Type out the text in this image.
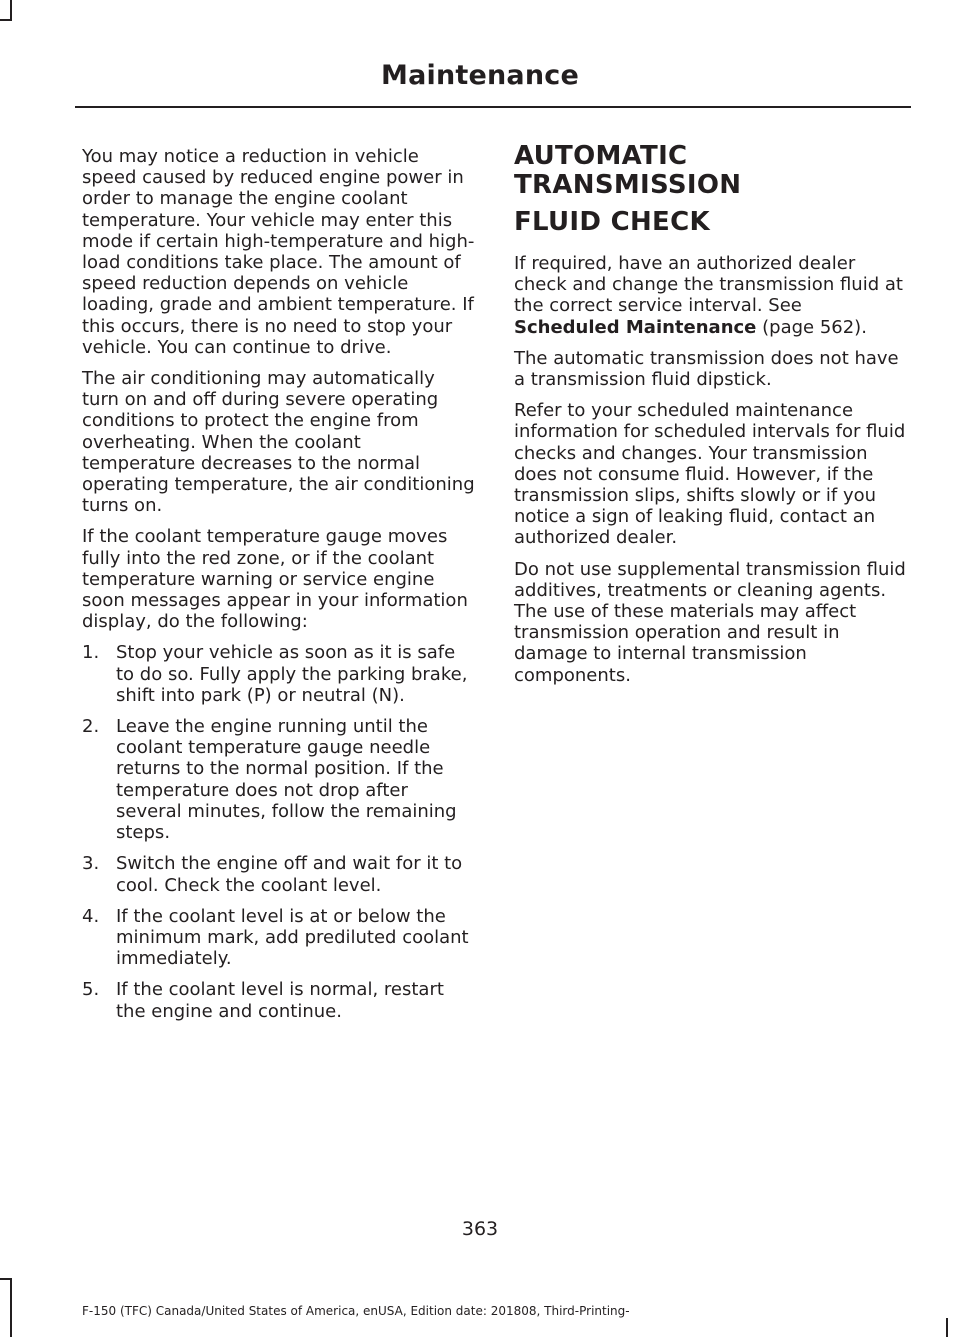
Maintenance

You may notice a reduction in vehicle speed caused by reduced engine power in order to manage the engine coolant temperature. Your vehicle may enter this mode if certain high-temperature and high-load conditions take place. The amount of speed reduction depends on vehicle loading, grade and ambient temperature. If this occurs, there is no need to stop your vehicle. You can continue to drive.

The air conditioning may automatically turn on and off during severe operating conditions to protect the engine from overheating. When the coolant temperature decreases to the normal operating temperature, the air conditioning turns on.

If the coolant temperature gauge moves fully into the red zone, or if the coolant temperature warning or service engine soon messages appear in your information display, do the following:

1. Stop your vehicle as soon as it is safe to do so. Fully apply the parking brake, shift into park (P) or neutral (N).
2. Leave the engine running until the coolant temperature gauge needle returns to the normal position. If the temperature does not drop after several minutes, follow the remaining steps.
3. Switch the engine off and wait for it to cool. Check the coolant level.
4. If the coolant level is at or below the minimum mark, add prediluted coolant immediately.
5. If the coolant level is normal, restart the engine and continue.
AUTOMATIC TRANSMISSION
FLUID CHECK

If required, have an authorized dealer check and change the transmission fluid at the correct service interval. See Scheduled Maintenance (page 562).

The automatic transmission does not have a transmission fluid dipstick.

Refer to your scheduled maintenance information for scheduled intervals for fluid checks and changes. Your transmission does not consume fluid. However, if the transmission slips, shifts slowly or if you notice a sign of leaking fluid, contact an authorized dealer.

Do not use supplemental transmission fluid additives, treatments or cleaning agents. The use of these materials may affect transmission operation and result in damage to internal transmission components.

363
F-150 (TFC) Canada/United States of America, enUSA, Edition date: 201808, Third-Printing-
